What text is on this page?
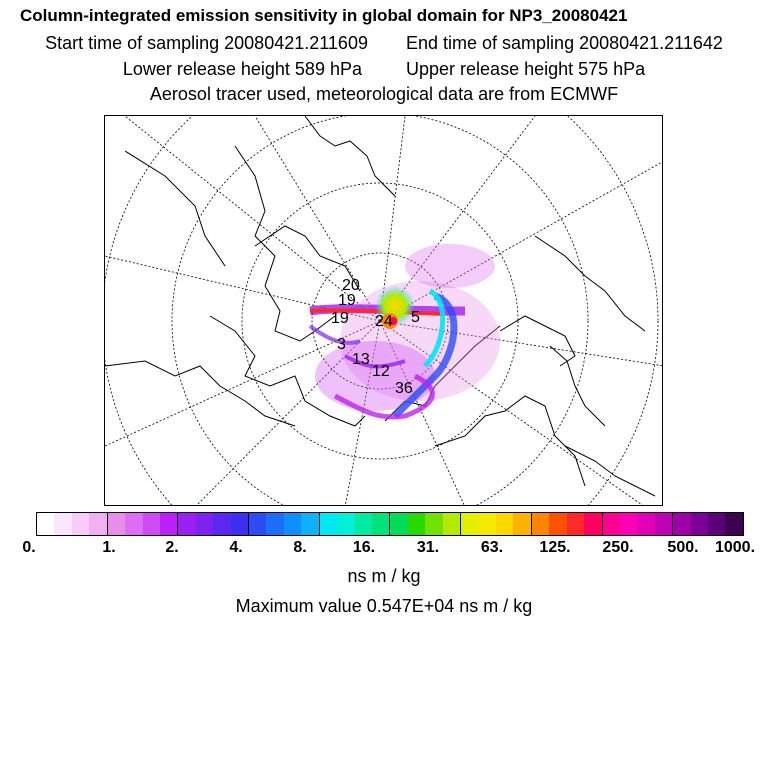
Column-integrated emission sensitivity in global domain for NP3_20080421
Start time of sampling 20080421.211609 End time of sampling 20080421.211642
Lower release height 589 hPa Upper release height 575 hPa
Aerosol tracer used, meteorological data are from ECMWF
20
19
19 24 5
3
13
12
36
0.	1.	2.	4.	8.	16.	31.	63. 125. 250. 500. 1000.
ns m / kg
Maximum value 0.547E+04 ns m / kg
